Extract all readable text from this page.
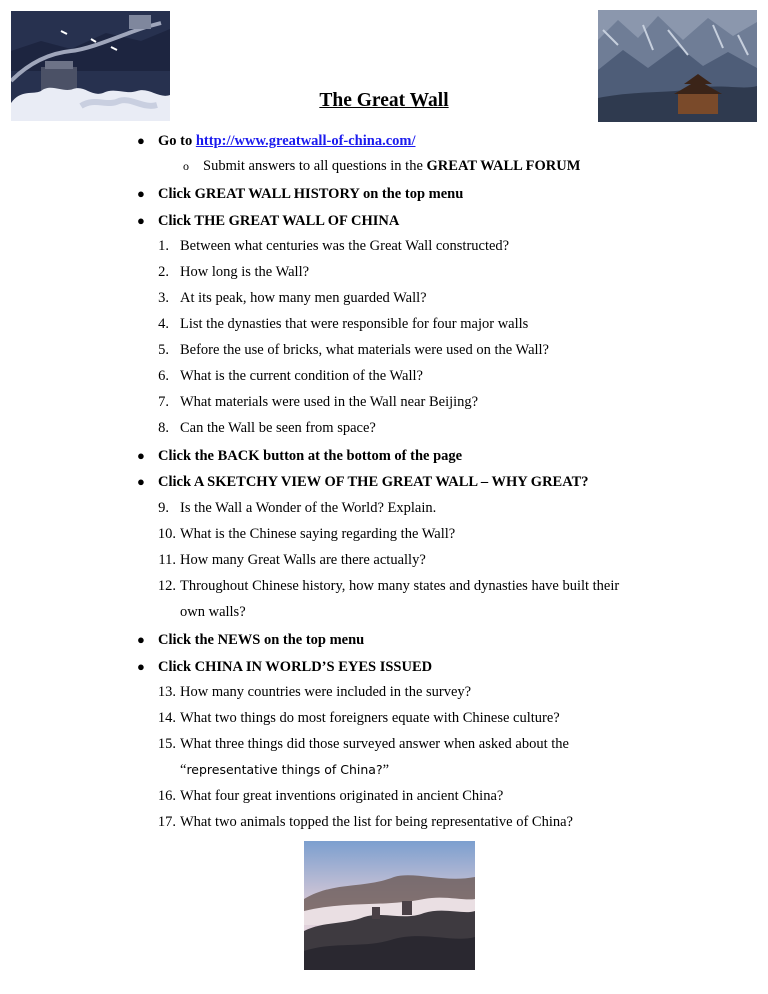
The Great Wall
● Go to http://www.greatwall-of-china.com/
o Submit answers to all questions in the GREAT WALL FORUM
● Click GREAT WALL HISTORY on the top menu
● Click THE GREAT WALL OF CHINA
1. Between what centuries was the Great Wall constructed?
2. How long is the Wall?
3. At its peak, how many men guarded Wall?
4. List the dynasties that were responsible for four major walls
5. Before the use of bricks, what materials were used on the Wall?
6. What is the current condition of the Wall?
7. What materials were used in the Wall near Beijing?
8. Can the Wall be seen from space?
● Click the BACK button at the bottom of the page
● Click A SKETCHY VIEW OF THE GREAT WALL – WHY GREAT?
9. Is the Wall a Wonder of the World? Explain.
10. What is the Chinese saying regarding the Wall?
11. How many Great Walls are there actually?
12. Throughout Chinese history, how many states and dynasties have built their
own walls?
● Click the NEWS on the top menu
● Click CHINA IN WORLD’S EYES ISSUED
13. How many countries were included in the survey?
14. What two things do most foreigners equate with Chinese culture?
15. What three things did those surveyed answer when asked about the
“representative things of China?”
16. What four great inventions originated in ancient China?
17. What two animals topped the list for being representative of China?
